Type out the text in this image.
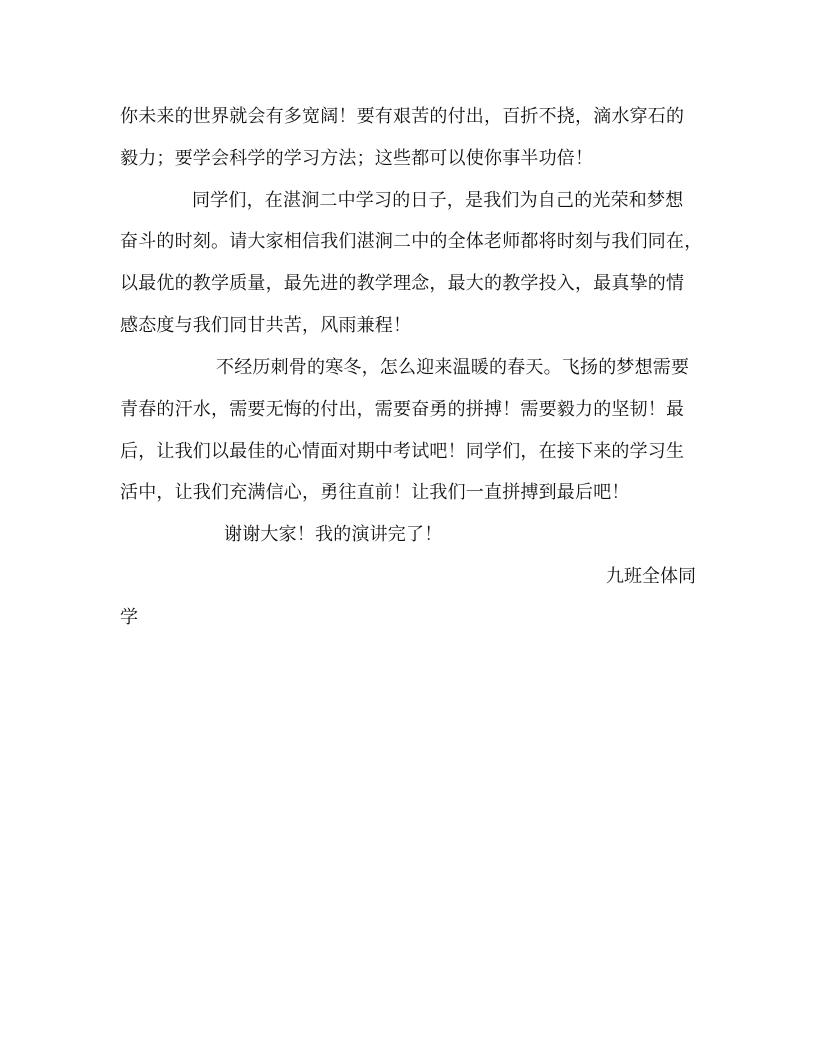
你未来的世界就会有多宽阔！要有艰苦的付出，百折不挠，滴水穿石的
毅力；要学会科学的学习方法；这些都可以使你事半功倍！
同学们，在湛涧二中学习的日子，是我们为自己的光荣和梦想
奋斗的时刻。请大家相信我们湛涧二中的全体老师都将时刻与我们同在，
以最优的教学质量，最先进的教学理念，最大的教学投入，最真挚的情
感态度与我们同甘共苦，风雨兼程！
不经历刺骨的寒冬，怎么迎来温暖的春天。飞扬的梦想需要
青春的汗水，需要无悔的付出，需要奋勇的拼搏！需要毅力的坚韧！最
后，让我们以最佳的心情面对期中考试吧！同学们，在接下来的学习生
活中，让我们充满信心，勇往直前！让我们一直拼搏到最后吧！
谢谢大家！我的演讲完了！
九班全体同
学
